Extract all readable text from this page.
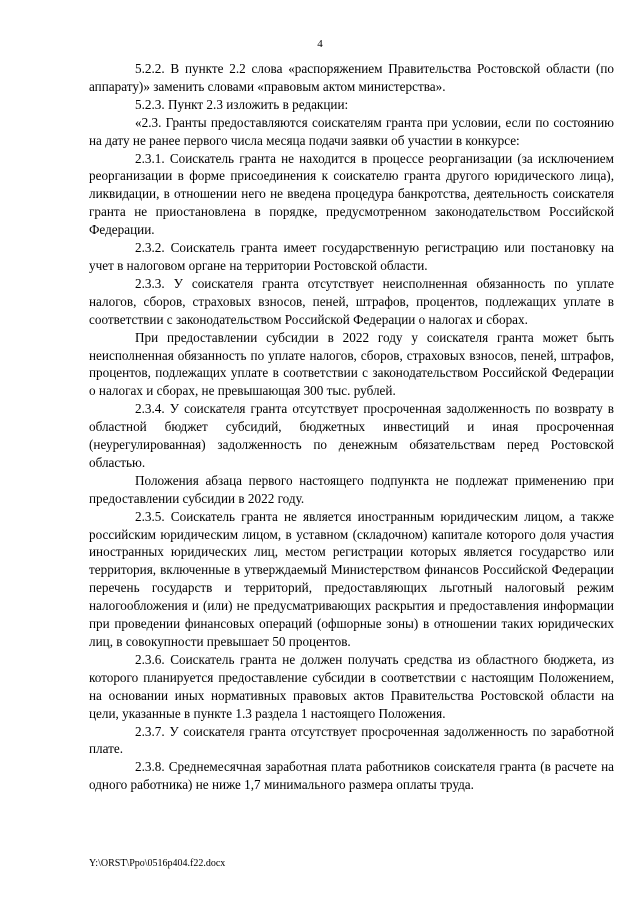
4

5.2.2. В пункте 2.2 слова «распоряжением Правительства Ростовской области (по аппарату)» заменить словами «правовым актом министерства».

5.2.3. Пункт 2.3 изложить в редакции:

«2.3. Гранты предоставляются соискателям гранта при условии, если по состоянию на дату не ранее первого числа месяца подачи заявки об участии в конкурсе:

2.3.1. Соискатель гранта не находится в процессе реорганизации (за исключением реорганизации в форме присоединения к соискателю гранта другого юридического лица), ликвидации, в отношении него не введена процедура банкротства, деятельность соискателя гранта не приостановлена в порядке, предусмотренном законодательством Российской Федерации.

2.3.2. Соискатель гранта имеет государственную регистрацию или постановку на учет в налоговом органе на территории Ростовской области.

2.3.3. У соискателя гранта отсутствует неисполненная обязанность по уплате налогов, сборов, страховых взносов, пеней, штрафов, процентов, подлежащих уплате в соответствии с законодательством Российской Федерации о налогах и сборах.

При предоставлении субсидии в 2022 году у соискателя гранта может быть неисполненная обязанность по уплате налогов, сборов, страховых взносов, пеней, штрафов, процентов, подлежащих уплате в соответствии с законодательством Российской Федерации о налогах и сборах, не превышающая 300 тыс. рублей.

2.3.4. У соискателя гранта отсутствует просроченная задолженность по возврату в областной бюджет субсидий, бюджетных инвестиций и иная просроченная (неурегулированная) задолженность по денежным обязательствам перед Ростовской областью.

Положения абзаца первого настоящего подпункта не подлежат применению при предоставлении субсидии в 2022 году.

2.3.5. Соискатель гранта не является иностранным юридическим лицом, а также российским юридическим лицом, в уставном (складочном) капитале которого доля участия иностранных юридических лиц, местом регистрации которых является государство или территория, включенные в утверждаемый Министерством финансов Российской Федерации перечень государств и территорий, предоставляющих льготный налоговый режим налогообложения и (или) не предусматривающих раскрытия и предоставления информации при проведении финансовых операций (офшорные зоны) в отношении таких юридических лиц, в совокупности превышает 50 процентов.

2.3.6. Соискатель гранта не должен получать средства из областного бюджета, из которого планируется предоставление субсидии в соответствии с настоящим Положением, на основании иных нормативных правовых актов Правительства Ростовской области на цели, указанные в пункте 1.3 раздела 1 настоящего Положения.

2.3.7. У соискателя гранта отсутствует просроченная задолженность по заработной плате.

2.3.8. Среднемесячная заработная плата работников соискателя гранта (в расчете на одного работника) не ниже 1,7 минимального размера оплаты труда.

Y:\ORST\Ppo\0516p404.f22.docx
